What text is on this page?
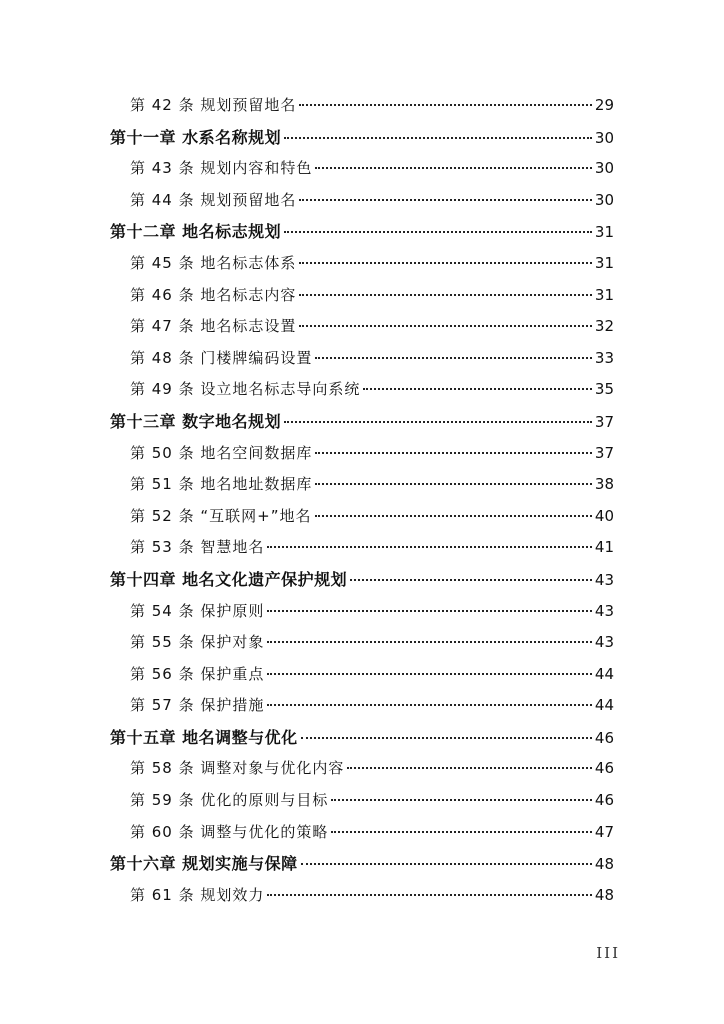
第 42 条 规划预留地名	29
第十一章 水系名称规划	30
第 43 条 规划内容和特色	30
第 44 条 规划预留地名	30
第十二章 地名标志规划	31
第 45 条 地名标志体系	31
第 46 条 地名标志内容	31
第 47 条 地名标志设置	32
第 48 条 门楼牌编码设置	33
第 49 条 设立地名标志导向系统	35
第十三章 数字地名规划	37
第 50 条 地名空间数据库	37
第 51 条 地名地址数据库	38
第 52 条 “互联网+”地名	40
第 53 条 智慧地名	41
第十四章 地名文化遗产保护规划	43
第 54 条 保护原则	43
第 55 条 保护对象	43
第 56 条 保护重点	44
第 57 条 保护措施	44
第十五章 地名调整与优化	46
第 58 条 调整对象与优化内容	46
第 59 条 优化的原则与目标	46
第 60 条 调整与优化的策略	47
第十六章 规划实施与保障	48
第 61 条 规划效力	48
III
